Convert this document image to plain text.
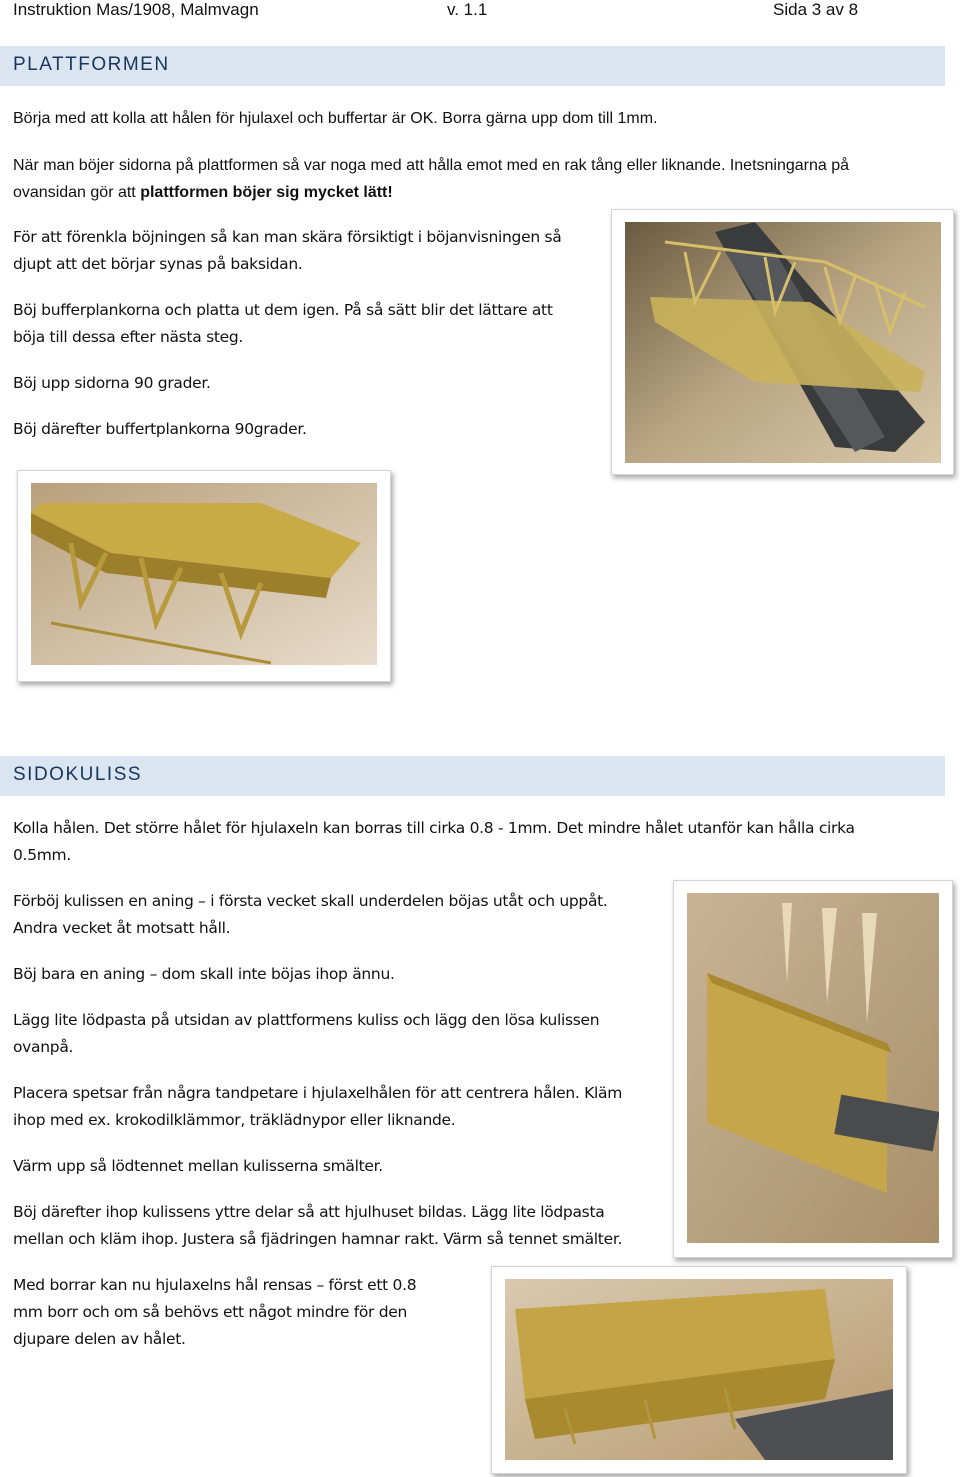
Instruktion Mas/1908, Malmvagn	v. 1.1	Sida 3 av 8
PLATTFORMEN
Börja med att kolla att hålen för hjulaxel och buffertar är OK. Borra gärna upp dom till 1mm.
När man böjer sidorna på plattformen så var noga med att hålla emot med en rak tång eller liknande. Inetsningarna på
ovansidan gör att plattformen böjer sig mycket lätt!
För att förenkla böjningen så kan man skära försiktigt i böjanvisningen så
djupt att det börjar synas på baksidan.
Böj bufferplankorna och platta ut dem igen. På så sätt blir det lättare att
böja till dessa efter nästa steg.
Böj upp sidorna 90 grader.
Böj därefter buffertplankorna 90grader.
SIDOKULISS
Kolla hålen. Det större hålet för hjulaxeln kan borras till cirka 0.8 - 1mm. Det mindre hålet utanför kan hålla cirka
0.5mm.
Förböj kulissen en aning – i första vecket skall underdelen böjas utåt och uppåt.
Andra vecket åt motsatt håll.
Böj bara en aning – dom skall inte böjas ihop ännu.
Lägg lite lödpasta på utsidan av plattformens kuliss och lägg den lösa kulissen
ovanpå.
Placera spetsar från några tandpetare i hjulaxelhålen för att centrera hålen. Kläm
ihop med ex. krokodilklämmor, träklädnypor eller liknande.
Värm upp så lödtennet mellan kulisserna smälter.
Böj därefter ihop kulissens yttre delar så att hjulhuset bildas. Lägg lite lödpasta
mellan och kläm ihop. Justera så fjädringen hamnar rakt. Värm så tennet smälter.
Med borrar kan nu hjulaxelns hål rensas – först ett 0.8
mm borr och om så behövs ett något mindre för den
djupare delen av hålet.
